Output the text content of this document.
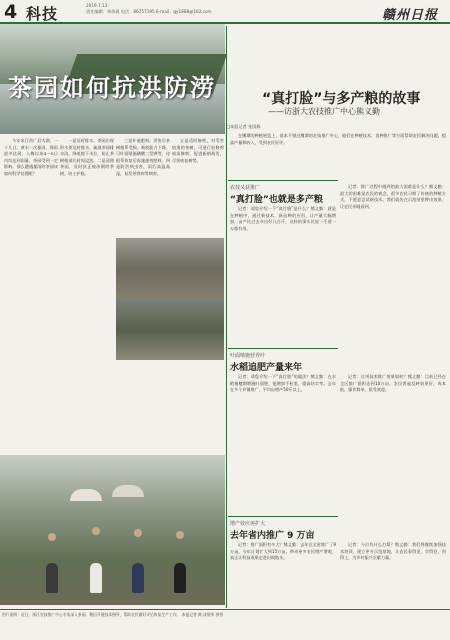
4 科技	2019.7.13
责任编辑：黄伟嵩 电话：86757195 E-mail：gy1888@163.com	赣州日报
茶园如何抗洪防涝

今年来江西广县太湖、一十几日，黄水一次暴雨、降雨最多达到，入梅以来4～8日内均达到雨量，茶园受到一定影响。那么遭遇暴雨的茶园该如何科学处理呢？

一是及时排水。茶园出现积水要及时排水，疏通茶园排水沟，降低地下水位，防止茶树根部长时间浸泡。二是清理茶园，及时扶正被冲倒的茶树，培土护根。

三是补施肥料。涝害后茶树根系受损，吸收能力下降，可叶面喷施磷酸二氢钾等，待根系恢复后再施速效肥料。四是防治病虫害，雨后高温高湿，易发茶饼病等病害。

五是适时修剪，对受害较重的茶树，可进行轻修剪或深修剪，促进新梢萌发，尽快恢复树势。

“真打脸”与多产粮的故事
——访浙大农技推广中心熊义勤
□本报记者 金国栋

在鹰潭的种植展览上，基本不错过鹰潭的农技推广中心，他们在种植技术、良种推广等方面帮助农民解决问题，提高产量和收入，受到农民好评。

农技又获推广
“真打脸”也就是多产粮

记者：请您介绍一下“真打脸”是什么？熊义勤：就是在种植中，通过新技术、新品种的应用，让产量大幅增加，亩产比过去多出好几百斤，这样的事实比说一千道一万都有用。

记者：推广过程中遇到的最大困难是什么？熊义勤：最大的困难是农民的观念，很多农民习惯了传统的种植方式，不愿意尝试新技术。我们就先在示范田里种出效果，让农民亲眼看到。

叶面喷施营养叶
水稻追肥产量来年

记者：请您介绍一下“真打脸”的做法？熊义勤：在水稻抽穗期喷施叶面肥，能增加千粒重，提高结实率。去年在多个乡镇推广，平均亩增产50斤以上。

记者：这项技术推广效果如何？熊义勤：目前已经在全区推广面积达到10万亩，农民普遍反映效果好，成本低，操作简单，很受欢迎。

增产效应再扩大
去年省内推广 9 万亩

记者：推广面积有多大？熊义勤：去年在全省推广了9万亩，今年计划扩大到15万亩，带动更多农民增产增收，真正让科技成果走进田间地头。

记者：今后有什么打算？熊义勤：我们将继续加强技术培训，建立更多示范基地，让农民看得见、学得会、用得上，为乡村振兴贡献力量。

图片说明：近日，浙江农技推广中心专家深入茶园、稻田开展技术指导，帮助农民做好灾后恢复生产工作。 本报记者 摄 漆银华 供图
